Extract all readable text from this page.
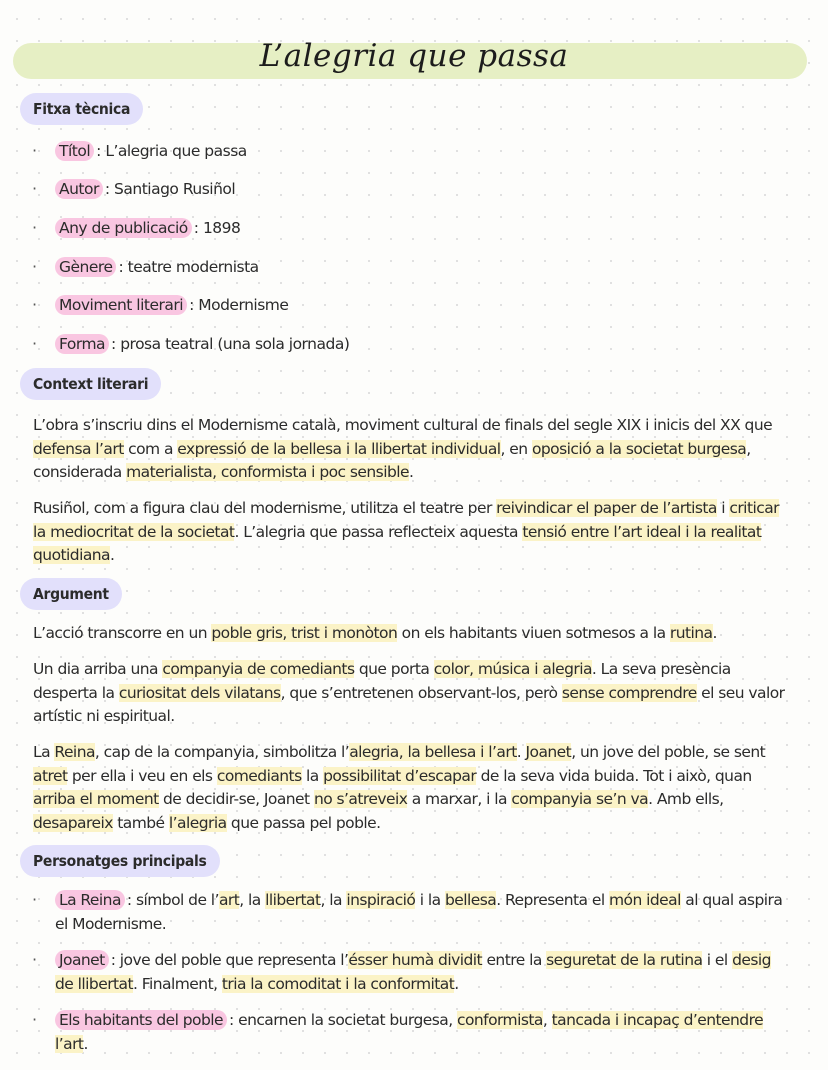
L’alegria que passa
Fitxa tècnica
· Títol : L’alegria que passa
· Autor : Santiago Rusiñol
· Any de publicació : 1898
· Gènere : teatre modernista
· Moviment literari : Modernisme
· Forma : prosa teatral (una sola jornada)
Context literari
L’obra s’inscriu dins el Modernisme català, moviment cultural de finals del segle XIX i inicis del XX que defensa l’art com a expressió de la bellesa i la llibertat individual, en oposició a la societat burgesa, considerada materialista, conformista i poc sensible.
Rusiñol, com a figura clau del modernisme, utilitza el teatre per reivindicar el paper de l’artista i criticar la mediocritat de la societat. L’alegria que passa reflecteix aquesta tensió entre l’art ideal i la realitat quotidiana.
Argument
L’acció transcorre en un poble gris, trist i monòton on els habitants viuen sotmesos a la rutina.
Un dia arriba una companyia de comediants que porta color, música i alegria. La seva presència desperta la curiositat dels vilatans, que s’entretenen observant-los, però sense comprendre el seu valor artístic ni espiritual.
La Reina, cap de la companyia, simbolitza l’alegria, la bellesa i l’art. Joanet, un jove del poble, se sent atret per ella i veu en els comediants la possibilitat d’escapar de la seva vida buida. Tot i això, quan arriba el moment de decidir-se, Joanet no s’atreveix a marxar, i la companyia se’n va. Amb ells, desapareix també l’alegria que passa pel poble.
Personatges principals
· La Reina : símbol de l’art, la llibertat, la inspiració i la bellesa. Representa el món ideal al qual aspira el Modernisme.
· Joanet : jove del poble que representa l’ésser humà dividit entre la seguretat de la rutina i el desig de llibertat. Finalment, tria la comoditat i la conformitat.
· Els habitants del poble : encarnen la societat burgesa, conformista, tancada i incapaç d’entendre l’art.
